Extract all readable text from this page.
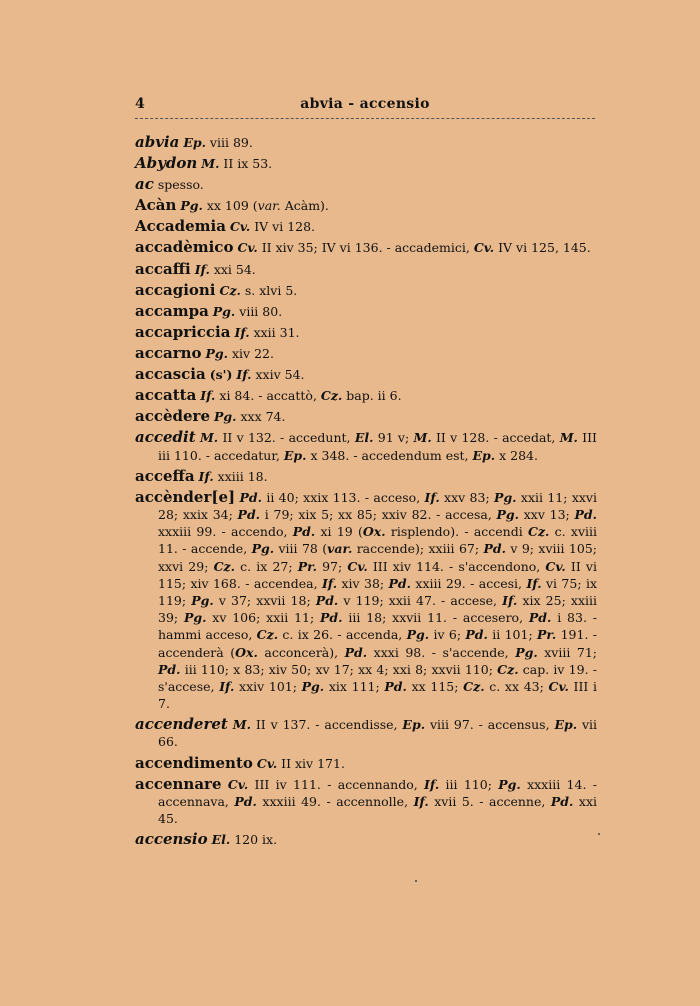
4	abvia - accensio

abvia Ep. viii 89.

Abydon M. II ix 53.

ac spesso.

Acàn Pg. xx 109 (var. Acàm).

Accademia Cv. IV vi 128.

accadèmico Cv. II xiv 35; IV vi 136. - accademici, Cv. IV vi 125, 145.

accaffi If. xxi 54.

accagioni Cz. s. xlvi 5.

accampa Pg. viii 80.

accapriccia If. xxii 31.

accarno Pg. xiv 22.

accascia (s') If. xxiv 54.

accatta If. xi 84. - accattò, Cz. bap. ii 6.

accèdere Pg. xxx 74.

accedit M. II v 132. - accedunt, El. 91 v; M. II v 128. - accedat, M. III iii 110. - accedatur, Ep. x 348. - accedendum est, Ep. x 284.

acceffa If. xxiii 18.

accènder[e] Pd. ii 40; xxix 113. - acceso, If. xxv 83; Pg. xxii 11; xxvi 28; xxix 34; Pd. i 79; xix 5; xx 85; xxiv 82. - accesa, Pg. xxv 13; Pd. xxxiii 99. - accendo, Pd. xi 19 (Ox. risplendo). - accendi Cz. c. xviii 11. - accende, Pg. viii 78 (var. raccende); xxiii 67; Pd. v 9; xviii 105; xxvi 29; Cz. c. ix 27; Pr. 97; Cv. III xiv 114. - s'accendono, Cv. II vi 115; xiv 168. - accendea, If. xiv 38; Pd. xxiii 29. - accesi, If. vi 75; ix 119; Pg. v 37; xxvii 18; Pd. v 119; xxii 47. - accese, If. xix 25; xxiii 39; Pg. xv 106; xxii 11; Pd. iii 18; xxvii 11. - accesero, Pd. i 83. - hammi acceso, Cz. c. ix 26. - accenda, Pg. iv 6; Pd. ii 101; Pr. 191. - accenderà (Ox. acconcerà), Pd. xxxi 98. - s'accende, Pg. xviii 71; Pd. iii 110; x 83; xiv 50; xv 17; xx 4; xxi 8; xxvii 110; Cz. cap. iv 19. - s'accese, If. xxiv 101; Pg. xix 111; Pd. xx 115; Cz. c. xx 43; Cv. III i 7.

accenderet M. II v 137. - accendisse, Ep. viii 97. - accensus, Ep. vii 66.

accendimento Cv. II xiv 171.

accennare Cv. III iv 111. - accennando, If. iii 110; Pg. xxxiii 14. - accennava, Pd. xxxiii 49. - accennolle, If. xvii 5. - accenne, Pd. xxi 45.

accensio El. 120 ix.
